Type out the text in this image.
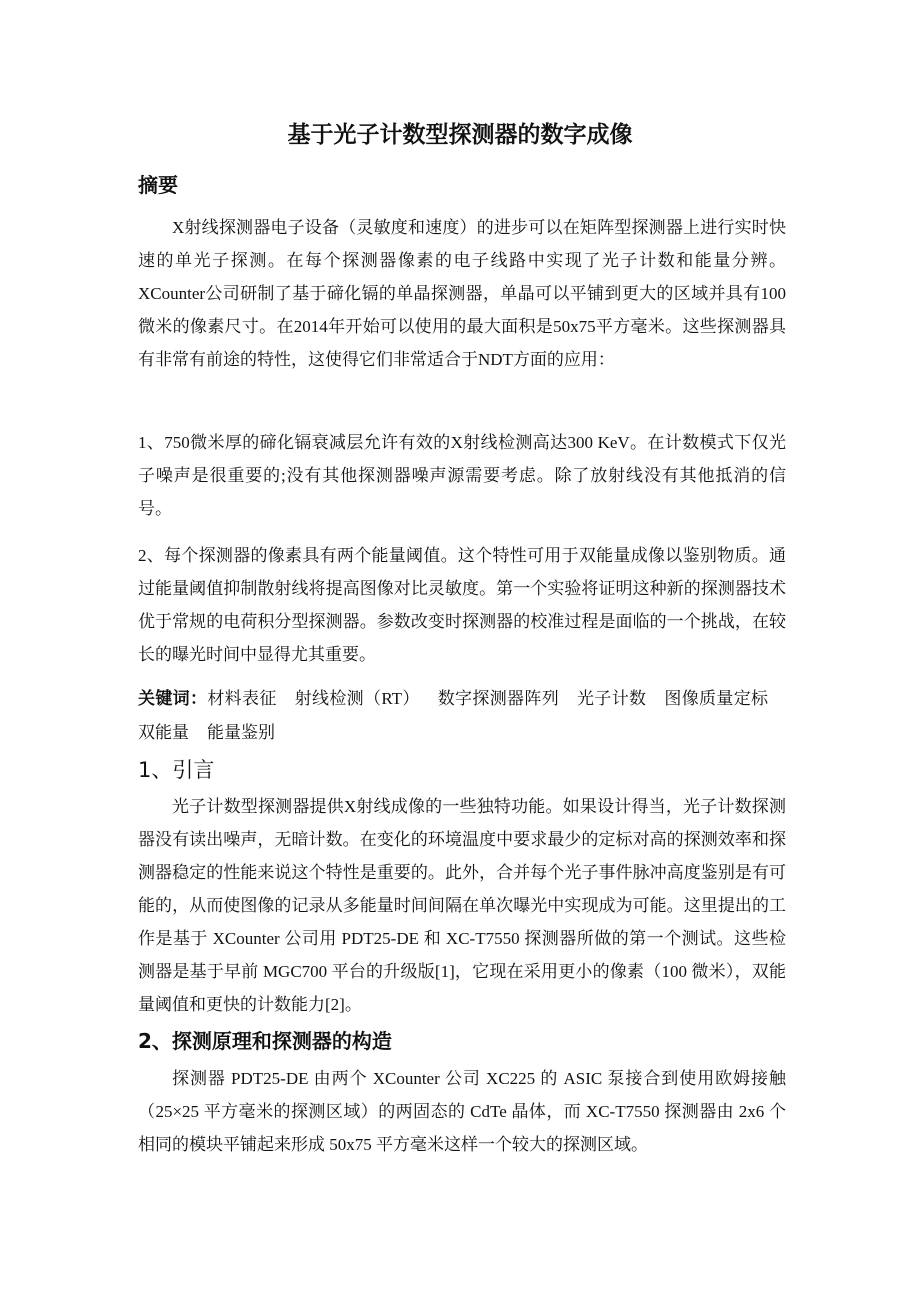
基于光子计数型探测器的数字成像
摘要

X射线探测器电子设备（灵敏度和速度）的进步可以在矩阵型探测器上进行实时快速的单光子探测。在每个探测器像素的电子线路中实现了光子计数和能量分辨。XCounter公司研制了基于碲化镉的单晶探测器，单晶可以平铺到更大的区域并具有100微米的像素尺寸。在2014年开始可以使用的最大面积是50x75平方毫米。这些探测器具有非常有前途的特性，这使得它们非常适合于NDT方面的应用：

1、750微米厚的碲化镉衰减层允许有效的X射线检测高达300 KeV。在计数模式下仅光子噪声是很重要的;没有其他探测器噪声源需要考虑。除了放射线没有其他抵消的信号。

2、每个探测器的像素具有两个能量阈值。这个特性可用于双能量成像以鉴别物质。通过能量阈值抑制散射线将提高图像对比灵敏度。第一个实验将证明这种新的探测器技术优于常规的电荷积分型探测器。参数改变时探测器的校准过程是面临的一个挑战，在较长的曝光时间中显得尤其重要。

关键词：材料表征 射线检测（RT） 数字探测器阵列 光子计数 图像质量定标双能量 能量鉴别

1、引言

光子计数型探测器提供X射线成像的一些独特功能。如果设计得当，光子计数探测器没有读出噪声，无暗计数。在变化的环境温度中要求最少的定标对高的探测效率和探测器稳定的性能来说这个特性是重要的。此外，合并每个光子事件脉冲高度鉴别是有可能的，从而使图像的记录从多能量时间间隔在单次曝光中实现成为可能。这里提出的工作是基于 XCounter 公司用 PDT25-DE 和 XC-T7550 探测器所做的第一个测试。这些检测器是基于早前 MGC700 平台的升级版[1]，它现在采用更小的像素（100 微米），双能量阈值和更快的计数能力[2]。

2、探测原理和探测器的构造

探测器 PDT25-DE 由两个 XCounter 公司 XC225 的 ASIC 泵接合到使用欧姆接触（25×25 平方毫米的探测区域）的两固态的 CdTe 晶体，而 XC-T7550 探测器由 2x6 个相同的模块平铺起来形成 50x75 平方毫米这样一个较大的探测区域。
